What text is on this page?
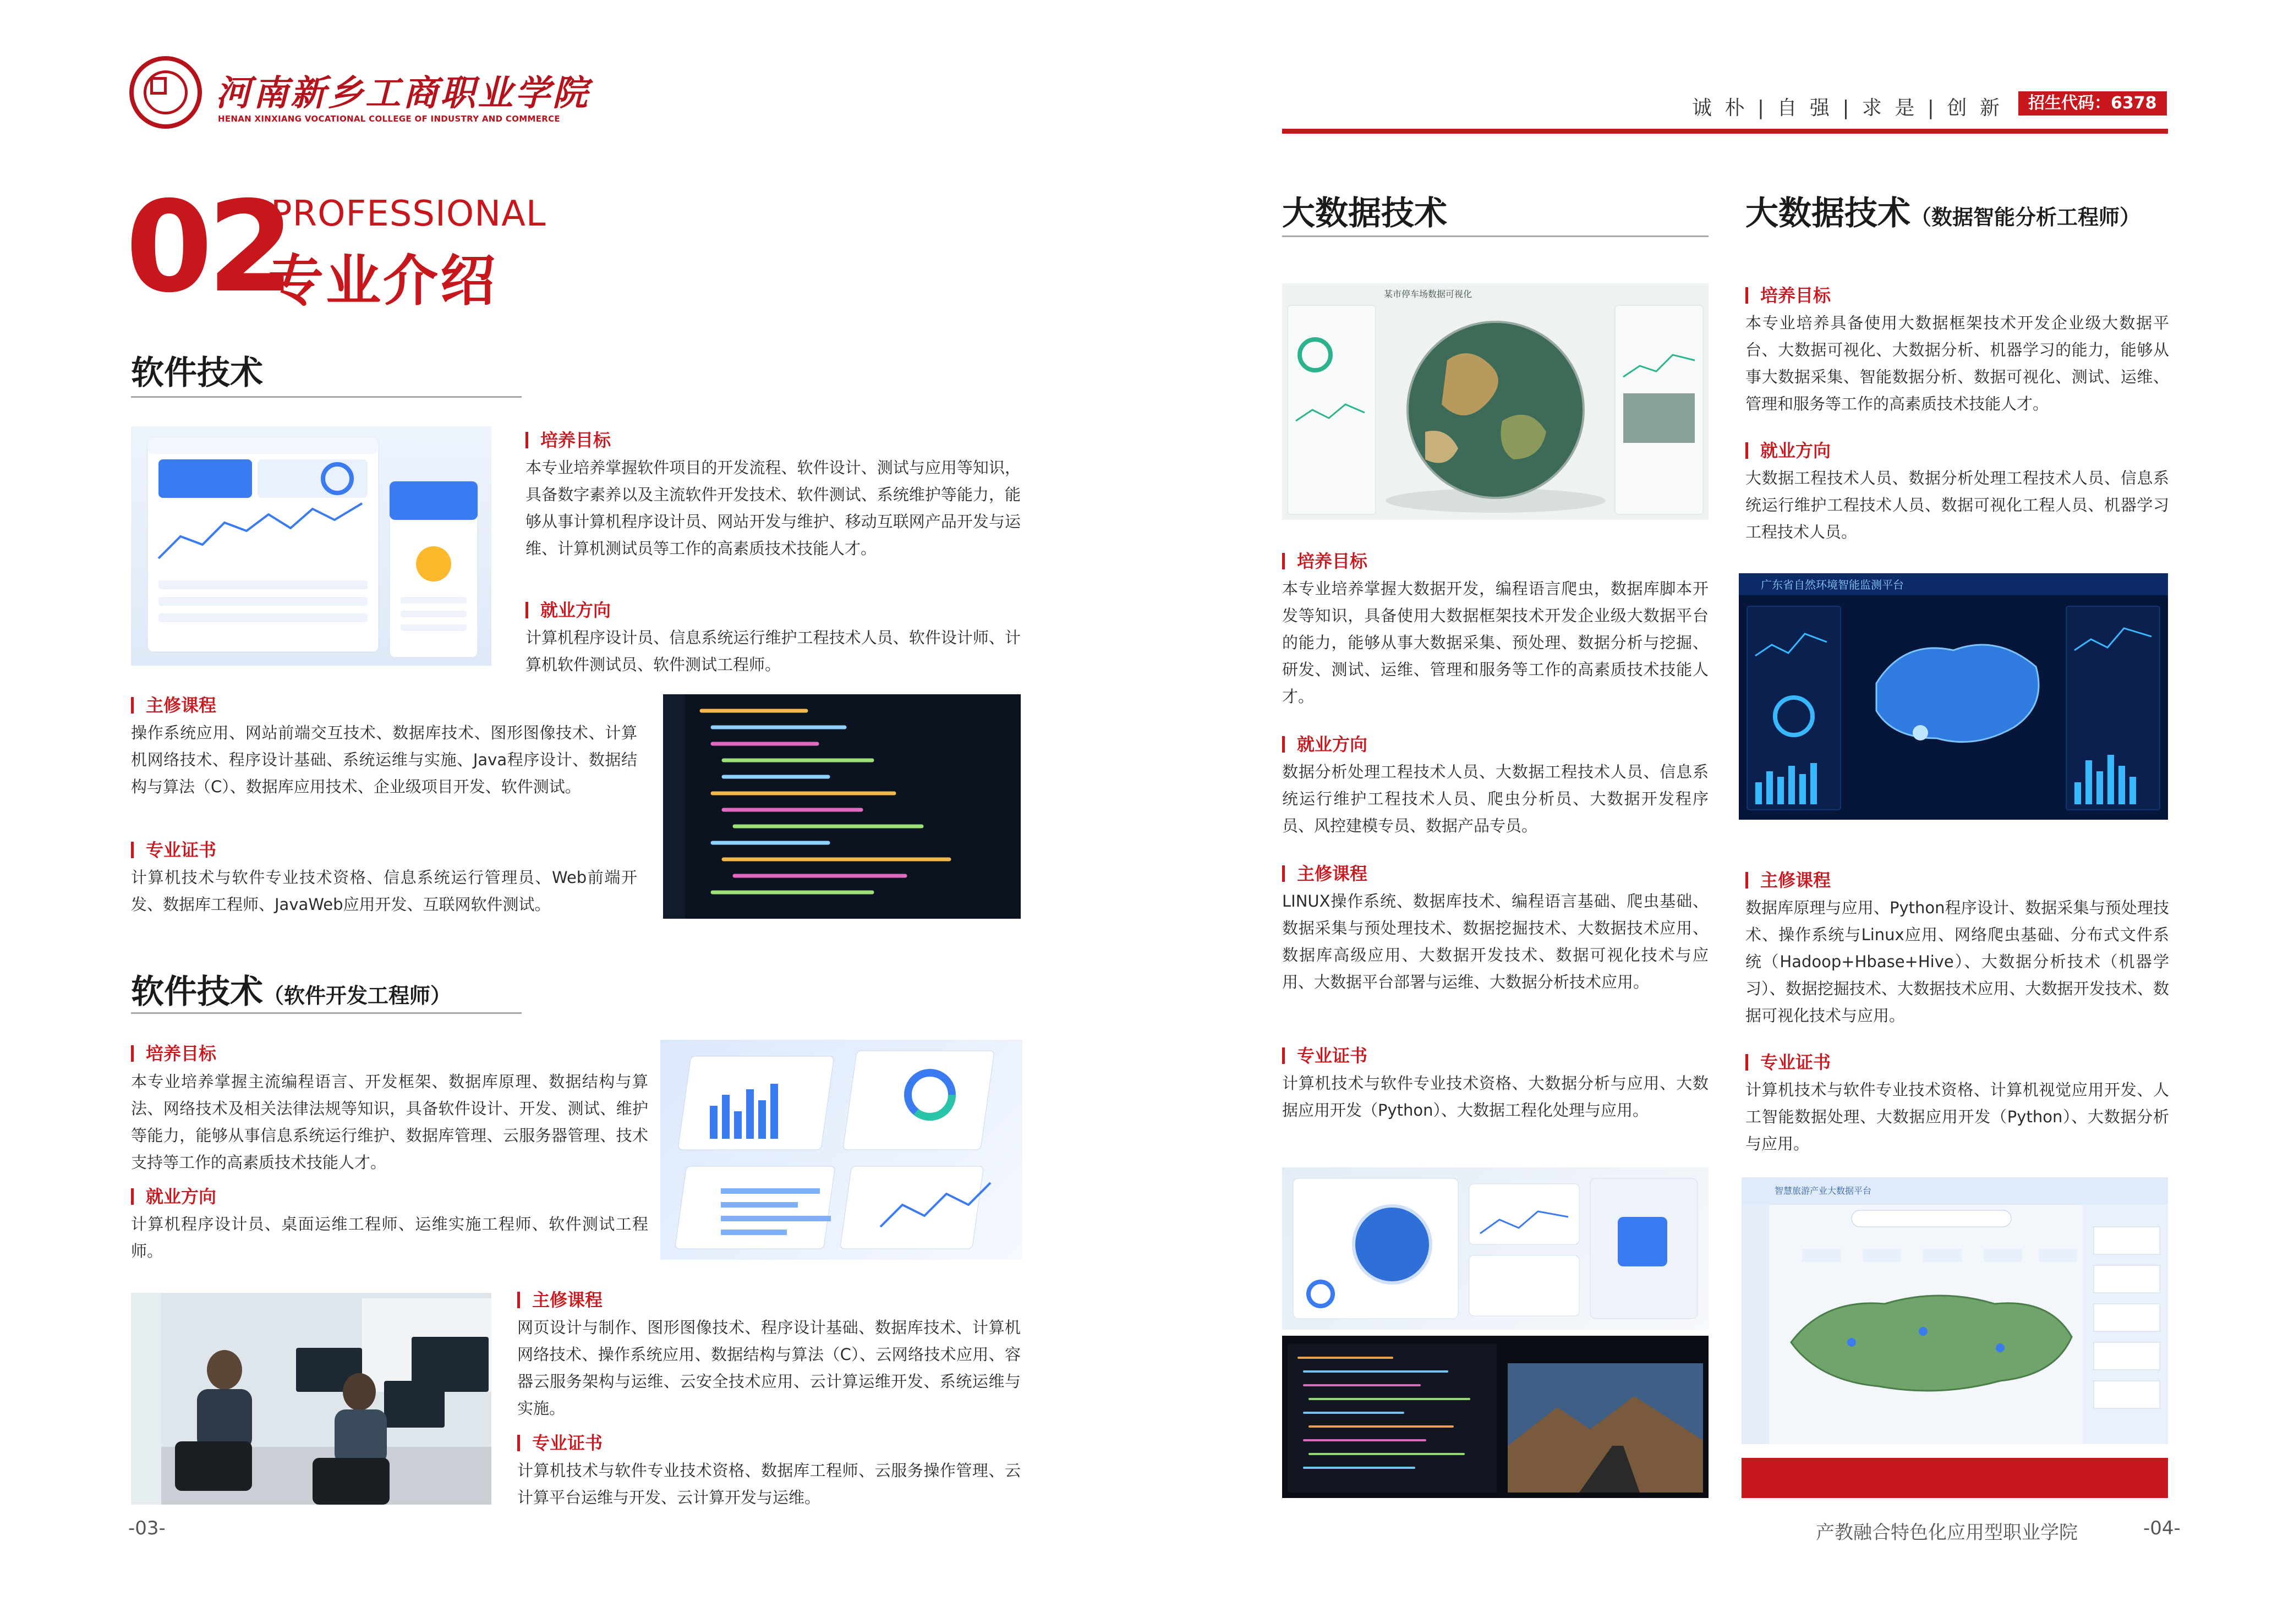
河南新乡工商职业学院
HENAN XINXIANG VOCATIONAL COLLEGE OF INDUSTRY AND COMMERCE	诚 朴 | 自 强 | 求 是 | 创 新	招生代码：6378
02
PROFESSIONAL
专业介绍
软件技术
培养目标
本专业培养掌握软件项目的开发流程、软件设计、测试与应用等知识，具备数字素养以及主流软件开发技术、软件测试、系统维护等能力，能够从事计算机程序设计员、网站开发与维护、移动互联网产品开发与运维、计算机测试员等工作的高素质技术技能人才。
就业方向
计算机程序设计员、信息系统运行维护工程技术人员、软件设计师、计算机软件测试员、软件测试工程师。
主修课程
操作系统应用、网站前端交互技术、数据库技术、图形图像技术、计算机网络技术、程序设计基础、系统运维与实施、Java程序设计、数据结构与算法（C）、数据库应用技术、企业级项目开发、软件测试。
专业证书
计算机技术与软件专业技术资格、信息系统运行管理员、Web前端开发、数据库工程师、JavaWeb应用开发、互联网软件测试。
软件技术（软件开发工程师）
培养目标
本专业培养掌握主流编程语言、开发框架、数据库原理、数据结构与算法、网络技术及相关法律法规等知识，具备软件设计、开发、测试、维护等能力，能够从事信息系统运行维护、数据库管理、云服务器管理、技术支持等工作的高素质技术技能人才。
就业方向
计算机程序设计员、桌面运维工程师、运维实施工程师、软件测试工程师。
主修课程
网页设计与制作、图形图像技术、程序设计基础、数据库技术、计算机网络技术、操作系统应用、数据结构与算法（C）、云网络技术应用、容器云服务架构与运维、云安全技术应用、云计算运维开发、系统运维与实施。
专业证书
计算机技术与软件专业技术资格、数据库工程师、云服务操作管理、云计算平台运维与开发、云计算开发与运维。
-03-
大数据技术
某市停车场数据可视化
培养目标
本专业培养掌握大数据开发，编程语言爬虫，数据库脚本开发等知识，具备使用大数据框架技术开发企业级大数据平台的能力，能够从事大数据采集、预处理、数据分析与挖掘、研发、测试、运维、管理和服务等工作的高素质技术技能人才。
就业方向
数据分析处理工程技术人员、大数据工程技术人员、信息系统运行维护工程技术人员、爬虫分析员、大数据开发程序员、风控建模专员、数据产品专员。
主修课程
LINUX操作系统、数据库技术、编程语言基础、爬虫基础、数据采集与预处理技术、数据挖掘技术、大数据技术应用、数据库高级应用、大数据开发技术、数据可视化技术与应用、大数据平台部署与运维、大数据分析技术应用。
专业证书
计算机技术与软件专业技术资格、大数据分析与应用、大数据应用开发（Python）、大数据工程化处理与应用。
大数据技术（数据智能分析工程师）
培养目标
本专业培养具备使用大数据框架技术开发企业级大数据平台、大数据可视化、大数据分析、机器学习的能力，能够从事大数据采集、智能数据分析、数据可视化、测试、运维、管理和服务等工作的高素质技术技能人才。
就业方向
大数据工程技术人员、数据分析处理工程技术人员、信息系统运行维护工程技术人员、数据可视化工程人员、机器学习工程技术人员。
广东省自然环境智能监测平台
主修课程
数据库原理与应用、Python程序设计、数据采集与预处理技术、操作系统与Linux应用、网络爬虫基础、分布式文件系统（Hadoop+Hbase+Hive）、大数据分析技术（机器学习）、数据挖掘技术、大数据技术应用、大数据开发技术、数据可视化技术与应用。
专业证书
计算机技术与软件专业技术资格、计算机视觉应用开发、人工智能数据处理、大数据应用开发（Python）、大数据分析与应用。
智慧旅游产业大数据平台
产教融合特色化应用型职业学院	-04-
